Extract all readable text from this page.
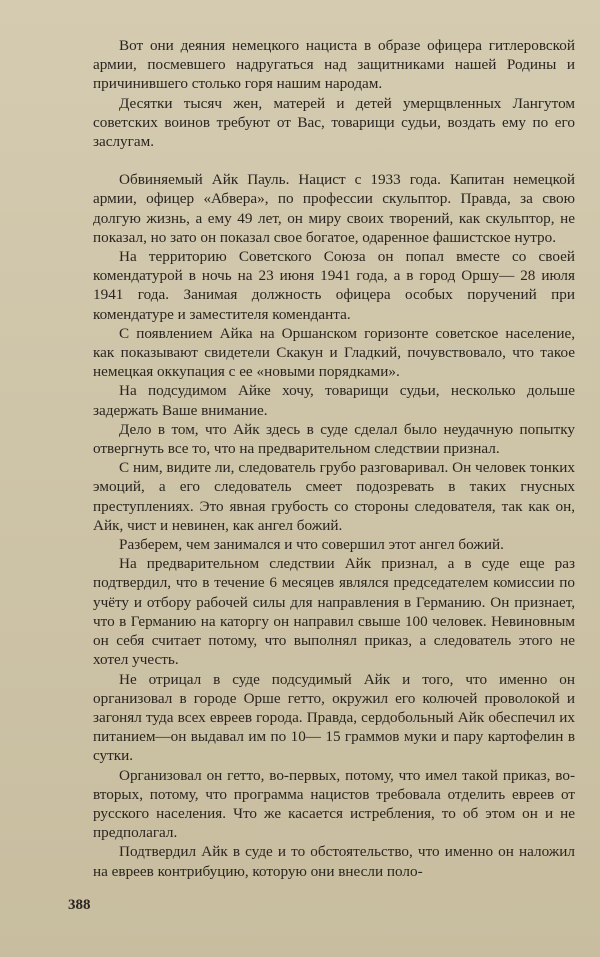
Вот они деяния немецкого нациста в образе офицера гитлеровской армии, посмевшего надругаться над защитниками нашей Родины и причинившего столько горя нашим народам.

Десятки тысяч жен, матерей и детей умерщвленных Лангутом советских воинов требуют от Вас, товарищи судьи, воздать ему по его заслугам.

Обвиняемый Айк Пауль. Нацист с 1933 года. Капитан немецкой армии, офицер «Абвера», по профессии скульптор. Правда, за свою долгую жизнь, а ему 49 лет, он миру своих творений, как скульптор, не показал, но зато он показал свое богатое, одаренное фашистское нутро.

На территорию Советского Союза он попал вместе со своей комендатурой в ночь на 23 июня 1941 года, а в город Оршу— 28 июля 1941 года. Занимая должность офицера особых поручений при комендатуре и заместителя коменданта.

С появлением Айка на Оршанском горизонте советское население, как показывают свидетели Скакун и Гладкий, почувствовало, что такое немецкая оккупация с ее «новыми порядками».

На подсудимом Айке хочу, товарищи судьи, несколько дольше задержать Ваше внимание.

Дело в том, что Айк здесь в суде сделал было неудачную попытку отвергнуть все то, что на предварительном следствии признал.

С ним, видите ли, следователь грубо разговаривал. Он человек тонких эмоций, а его следователь смеет подозревать в таких гнусных преступлениях. Это явная грубость со стороны следователя, так как он, Айк, чист и невинен, как ангел божий.

Разберем, чем занимался и что совершил этот ангел божий.

На предварительном следствии Айк признал, а в суде еще раз подтвердил, что в течение 6 месяцев являлся председателем комиссии по учёту и отбору рабочей силы для направления в Германию. Он признает, что в Германию на каторгу он направил свыше 100 человек. Невиновным он себя считает потому, что выполнял приказ, а следователь этого не хотел учесть.

Не отрицал в суде подсудимый Айк и того, что именно он организовал в городе Орше гетто, окружил его колючей проволокой и загонял туда всех евреев города. Правда, сердобольный Айк обеспечил их питанием—он выдавал им по 10— 15 граммов муки и пару картофелин в сутки.

Организовал он гетто, во-первых, потому, что имел такой приказ, во-вторых, потому, что программа нацистов требовала отделить евреев от русского населения. Что же касается истребления, то об этом он и не предполагал.

Подтвердил Айк в суде и то обстоятельство, что именно он наложил на евреев контрибуцию, которую они внесли поло-

388
